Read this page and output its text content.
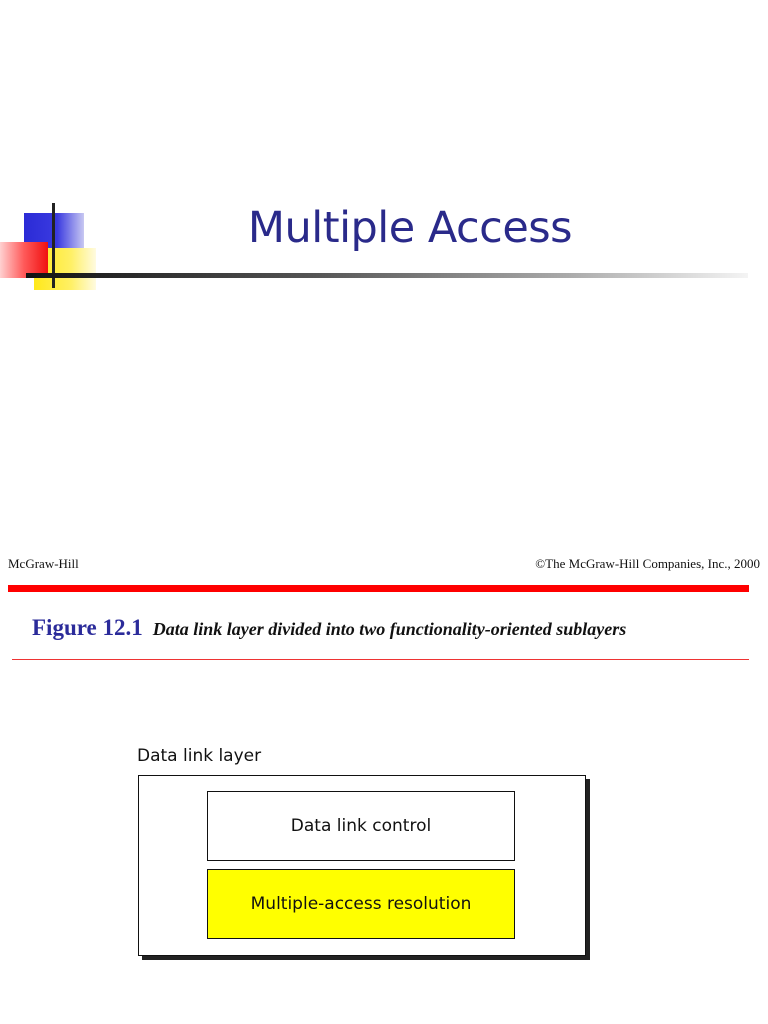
Multiple Access
McGraw-Hill	©The McGraw-Hill Companies, Inc., 2000
Figure 12.1 Data link layer divided into two functionality-oriented sublayers
Data link layer
Data link control
Multiple-access resolution
